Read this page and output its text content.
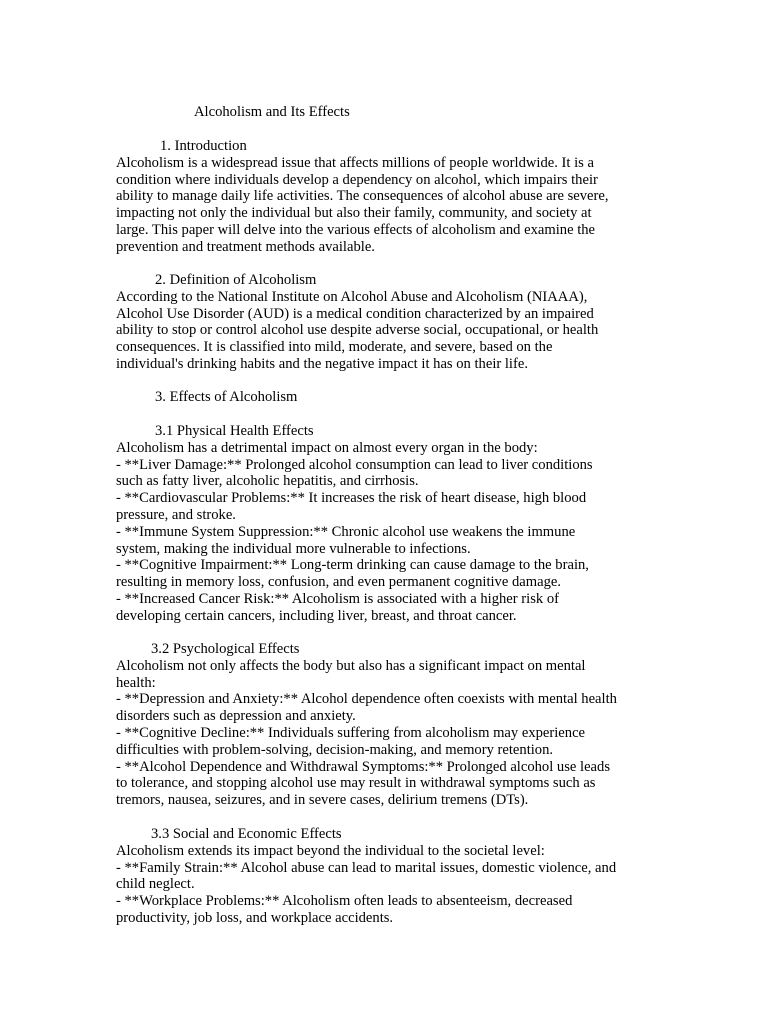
Alcoholism and Its Effects
1. Introduction

Alcoholism is a widespread issue that affects millions of people worldwide. It is a
condition where individuals develop a dependency on alcohol, which impairs their
ability to manage daily life activities. The consequences of alcohol abuse are severe,
impacting not only the individual but also their family, community, and society at
large. This paper will delve into the various effects of alcoholism and examine the
prevention and treatment methods available.

2. Definition of Alcoholism

According to the National Institute on Alcohol Abuse and Alcoholism (NIAAA),
Alcohol Use Disorder (AUD) is a medical condition characterized by an impaired
ability to stop or control alcohol use despite adverse social, occupational, or health
consequences. It is classified into mild, moderate, and severe, based on the
individual's drinking habits and the negative impact it has on their life.

3. Effects of Alcoholism
3.1 Physical Health Effects

Alcoholism has a detrimental impact on almost every organ in the body:
- **Liver Damage:** Prolonged alcohol consumption can lead to liver conditions
such as fatty liver, alcoholic hepatitis, and cirrhosis.
- **Cardiovascular Problems:** It increases the risk of heart disease, high blood
pressure, and stroke.
- **Immune System Suppression:** Chronic alcohol use weakens the immune
system, making the individual more vulnerable to infections.
- **Cognitive Impairment:** Long-term drinking can cause damage to the brain,
resulting in memory loss, confusion, and even permanent cognitive damage.
- **Increased Cancer Risk:** Alcoholism is associated with a higher risk of
developing certain cancers, including liver, breast, and throat cancer.

3.2 Psychological Effects

Alcoholism not only affects the body but also has a significant impact on mental
health:
- **Depression and Anxiety:** Alcohol dependence often coexists with mental health
disorders such as depression and anxiety.
- **Cognitive Decline:** Individuals suffering from alcoholism may experience
difficulties with problem-solving, decision-making, and memory retention.
- **Alcohol Dependence and Withdrawal Symptoms:** Prolonged alcohol use leads
to tolerance, and stopping alcohol use may result in withdrawal symptoms such as
tremors, nausea, seizures, and in severe cases, delirium tremens (DTs).

3.3 Social and Economic Effects

Alcoholism extends its impact beyond the individual to the societal level:
- **Family Strain:** Alcohol abuse can lead to marital issues, domestic violence, and
child neglect.
- **Workplace Problems:** Alcoholism often leads to absenteeism, decreased
productivity, job loss, and workplace accidents.
